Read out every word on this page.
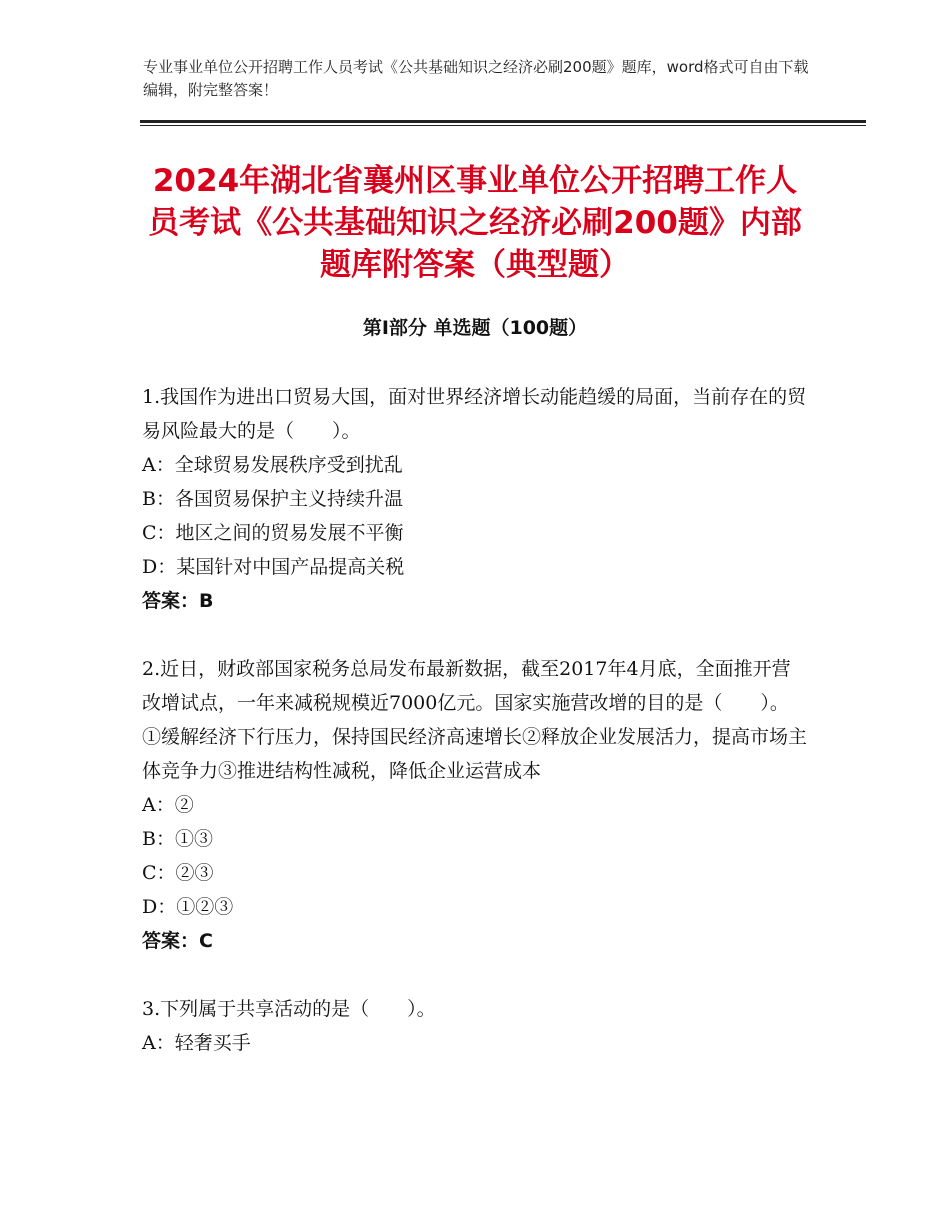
专业事业单位公开招聘工作人员考试《公共基础知识之经济必刷200题》题库，word格式可自由下载编辑，附完整答案！
2024年湖北省襄州区事业单位公开招聘工作人员考试《公共基础知识之经济必刷200题》内部题库附答案（典型题）
第Ⅰ部分 单选题（100题）

1.我国作为进出口贸易大国，面对世界经济增长动能趋缓的局面，当前存在的贸易风险最大的是（　　）。

A：全球贸易发展秩序受到扰乱

B：各国贸易保护主义持续升温

C：地区之间的贸易发展不平衡

D：某国针对中国产品提高关税

答案：B

2.近日，财政部国家税务总局发布最新数据，截至2017年4月底，全面推开营改增试点，一年来减税规模近7000亿元。国家实施营改增的目的是（　　）。①缓解经济下行压力，保持国民经济高速增长②释放企业发展活力，提高市场主体竞争力③推进结构性减税，降低企业运营成本

A：②

B：①③

C：②③

D：①②③

答案：C

3.下列属于共享活动的是（　　）。

A：轻奢买手
